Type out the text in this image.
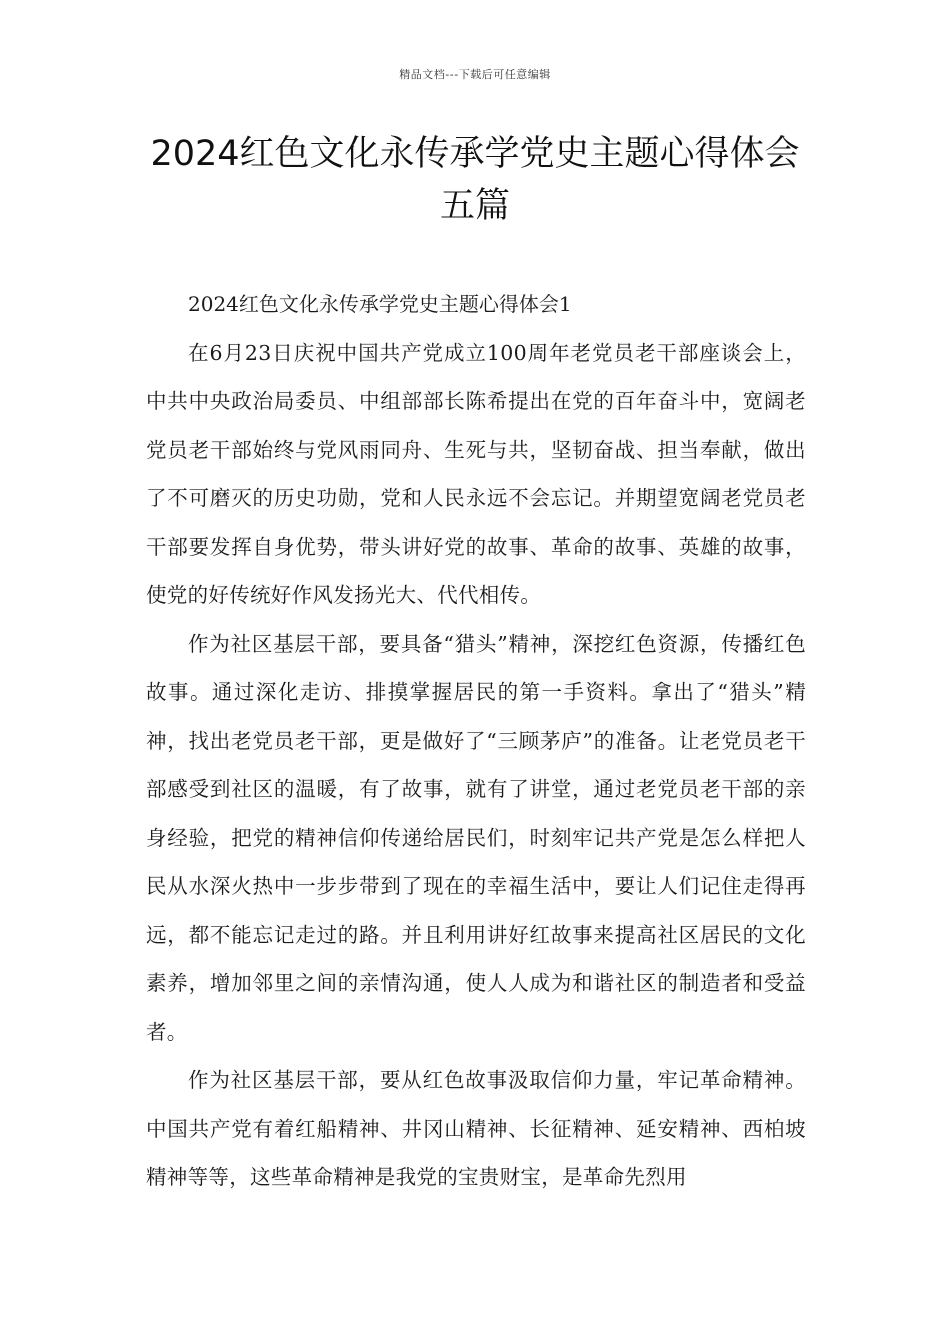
精品文档---下载后可任意编辑
2024红色文化永传承学党史主题心得体会五篇
2024红色文化永传承学党史主题心得体会1

在6月23日庆祝中国共产党成立100周年老党员老干部座谈会上，中共中央政治局委员、中组部部长陈希提出在党的百年奋斗中，宽阔老党员老干部始终与党风雨同舟、生死与共，坚韧奋战、担当奉献，做出了不可磨灭的历史功勋，党和人民永远不会忘记。并期望宽阔老党员老干部要发挥自身优势，带头讲好党的故事、革命的故事、英雄的故事，使党的好传统好作风发扬光大、代代相传。

作为社区基层干部，要具备“猎头”精神，深挖红色资源，传播红色故事。通过深化走访、排摸掌握居民的第一手资料。拿出了“猎头”精神，找出老党员老干部，更是做好了“三顾茅庐”的准备。让老党员老干部感受到社区的温暖，有了故事，就有了讲堂，通过老党员老干部的亲身经验，把党的精神信仰传递给居民们，时刻牢记共产党是怎么样把人民从水深火热中一步步带到了现在的幸福生活中，要让人们记住走得再远，都不能忘记走过的路。并且利用讲好红故事来提高社区居民的文化素养，增加邻里之间的亲情沟通，使人人成为和谐社区的制造者和受益者。

作为社区基层干部，要从红色故事汲取信仰力量，牢记革命精神。中国共产党有着红船精神、井冈山精神、长征精神、延安精神、西柏坡精神等等，这些革命精神是我党的宝贵财宝，是革命先烈用
